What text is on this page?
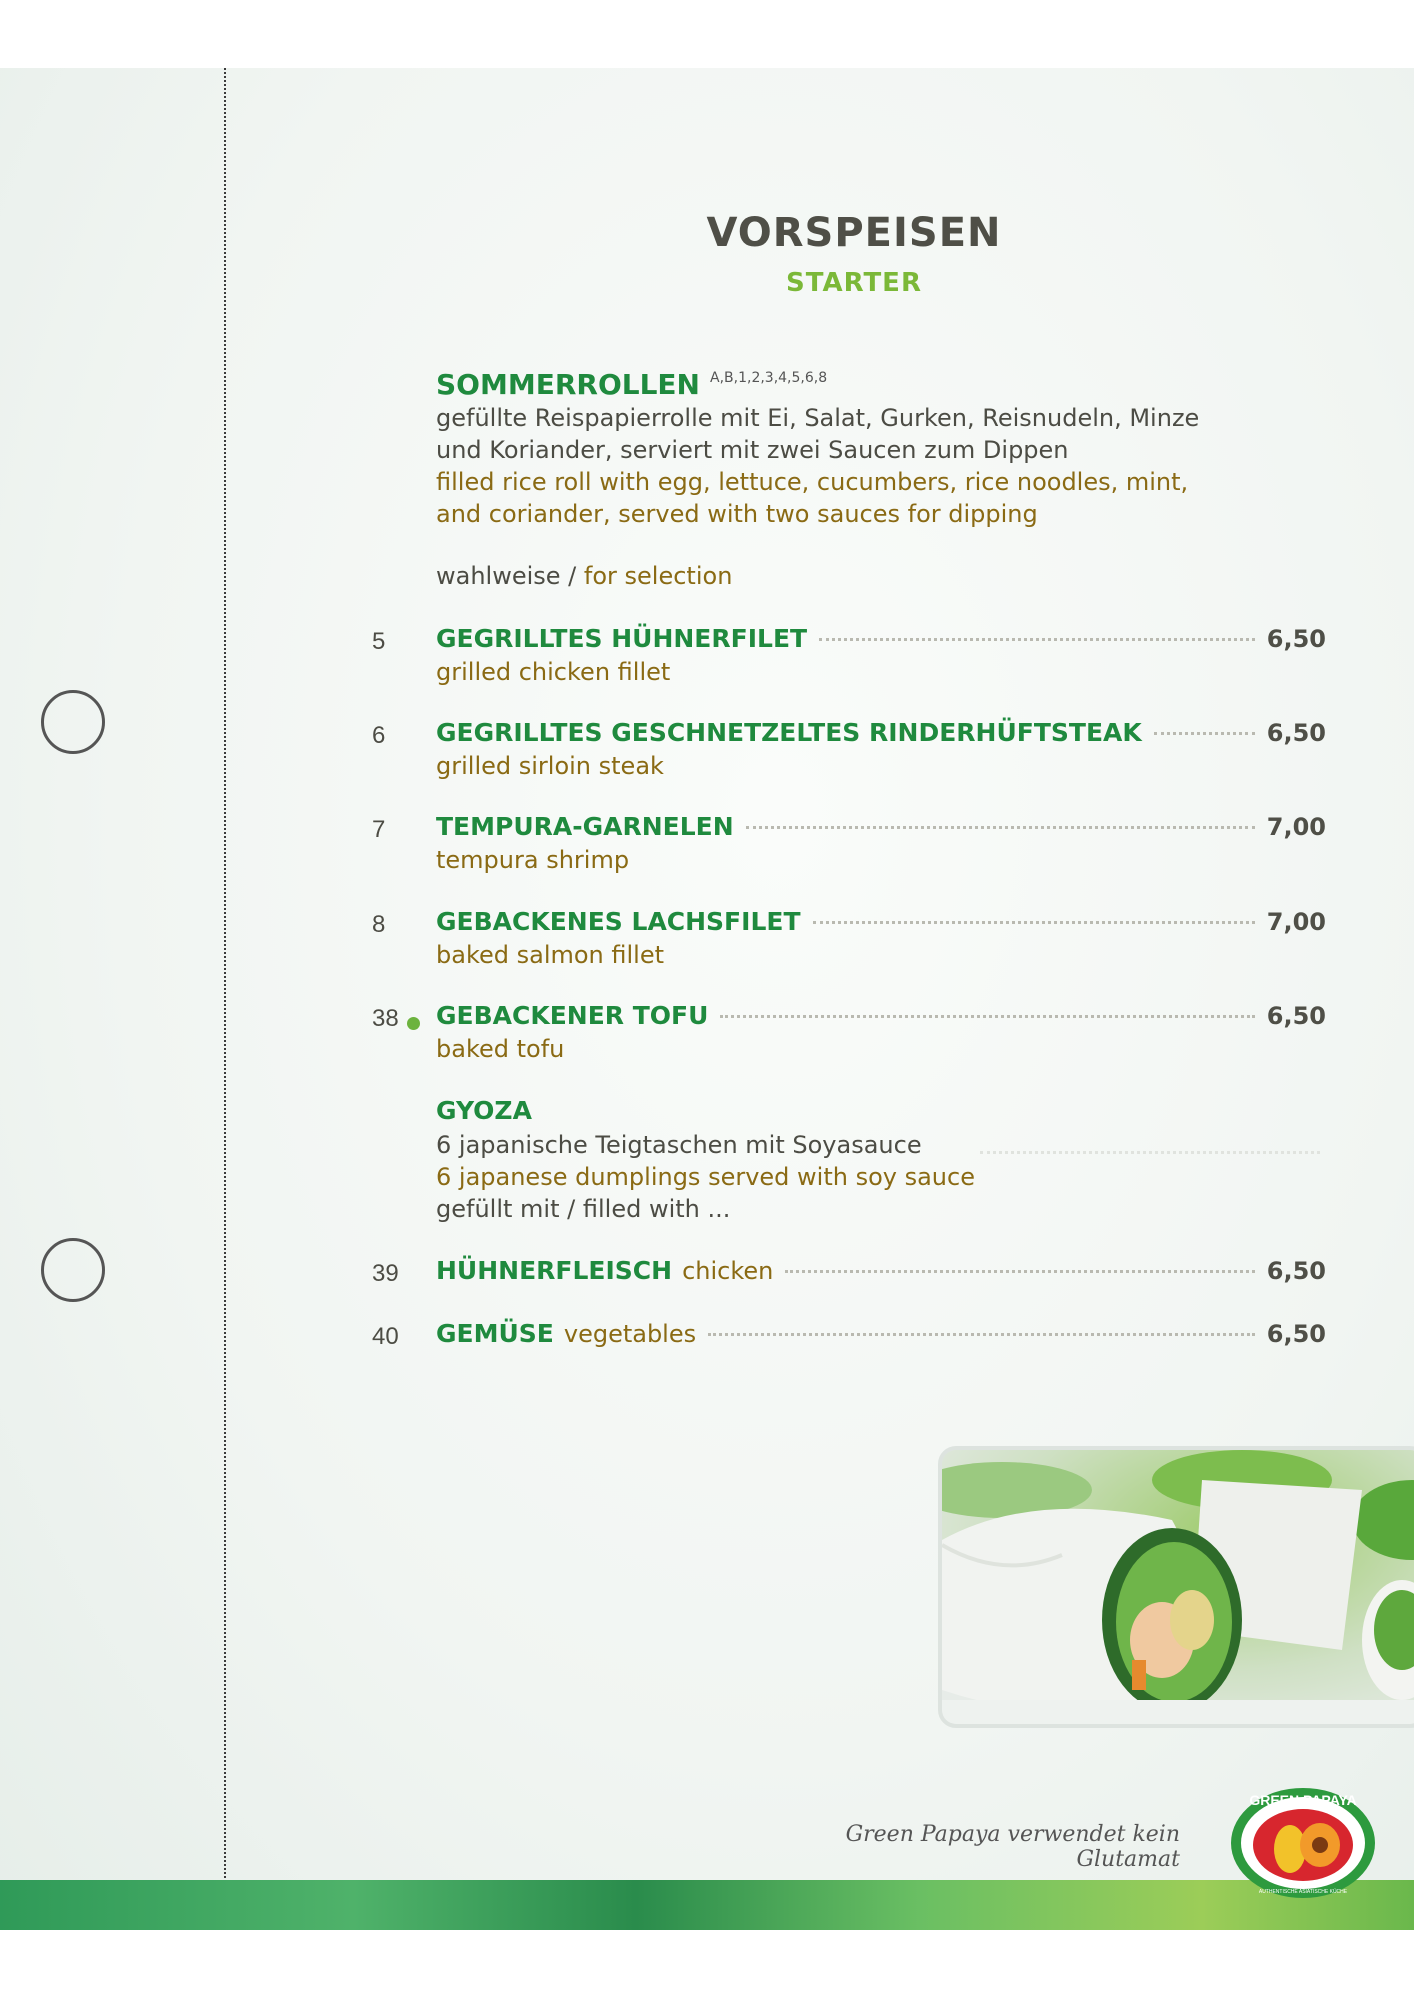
VORSPEISEN
STARTER
SOMMERROLLEN $^{A,B,1,2,3,4,5,6,8}$
gefüllte Reispapierrolle mit Ei, Salat, Gurken, Reisnudeln, Minze
und Koriander, serviert mit zwei Saucen zum Dippen
filled rice roll with egg, lettuce, cucumbers, rice noodles, mint,
and coriander, served with two sauces for dipping
wahlweise / for selection
5 GEGRILLTES HÜHNERFILET	6,50
grilled chicken fillet
6 GEGRILLTES GESCHNETZELTES RINDERHÜFTSTEAK	6,50
grilled sirloin steak
7 TEMPURA-GARNELEN	7,00
tempura shrimp
8 GEBACKENES LACHSFILET	7,00
baked salmon fillet
38 GEBACKENER TOFU	6,50
baked tofu
GYOZA
6 japanische Teigtaschen mit Soyasauce
6 japanese dumplings served with soy sauce
gefüllt mit / filled with ...
39 HÜHNERFLEISCH chicken	6,50
40 GEMÜSE vegetables	6,50
Green Papaya verwendet kein Glutamat
GREEN PAPAYA
AUTHENTISCHE ASIATISCHE KÜCHE
